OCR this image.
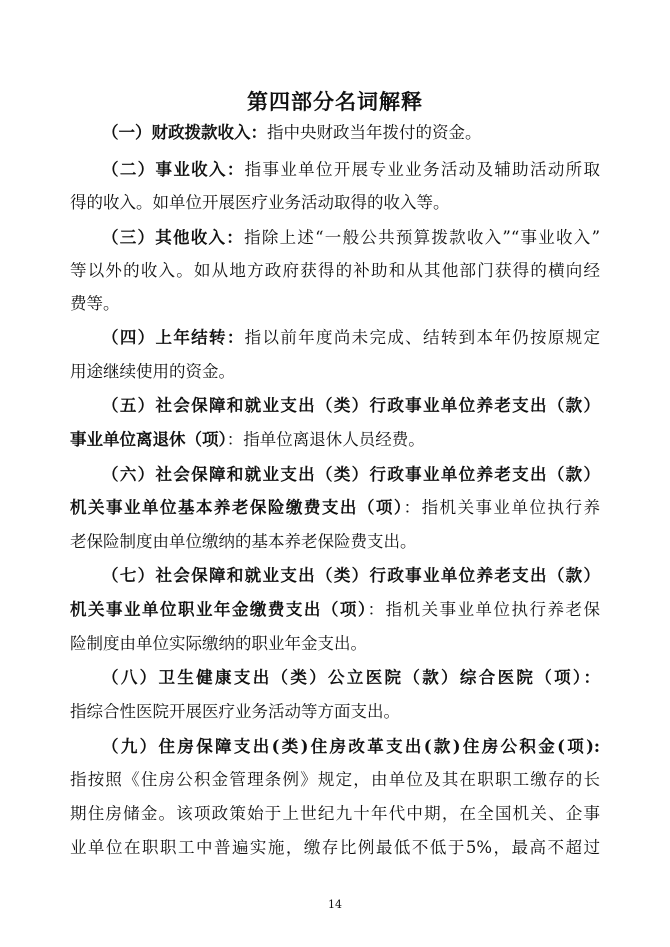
第四部分名词解释
（一）财政拨款收入：指中央财政当年拨付的资金。
（二）事业收入：指事业单位开展专业业务活动及辅助活动所取
得的收入。如单位开展医疗业务活动取得的收入等。
（三）其他收入：指除上述“一般公共预算拨款收入”“事业收入”
等以外的收入。如从地方政府获得的补助和从其他部门获得的横向经
费等。
（四）上年结转：指以前年度尚未完成、结转到本年仍按原规定
用途继续使用的资金。
（五）社会保障和就业支出（类）行政事业单位养老支出（款）
事业单位离退休（项）：指单位离退休人员经费。
（六）社会保障和就业支出（类）行政事业单位养老支出（款）
机关事业单位基本养老保险缴费支出（项）：指机关事业单位执行养
老保险制度由单位缴纳的基本养老保险费支出。
（七）社会保障和就业支出（类）行政事业单位养老支出（款）
机关事业单位职业年金缴费支出（项）：指机关事业单位执行养老保
险制度由单位实际缴纳的职业年金支出。
（八）卫生健康支出（类）公立医院（款）综合医院（项）：
指综合性医院开展医疗业务活动等方面支出。
（九）住房保障支出(类)住房改革支出(款)住房公积金(项):
指按照《住房公积金管理条例》规定，由单位及其在职职工缴存的长
期住房储金。该项政策始于上世纪九十年代中期，在全国机关、企事
业单位在职职工中普遍实施，缴存比例最低不低于5%，最高不超过
14
